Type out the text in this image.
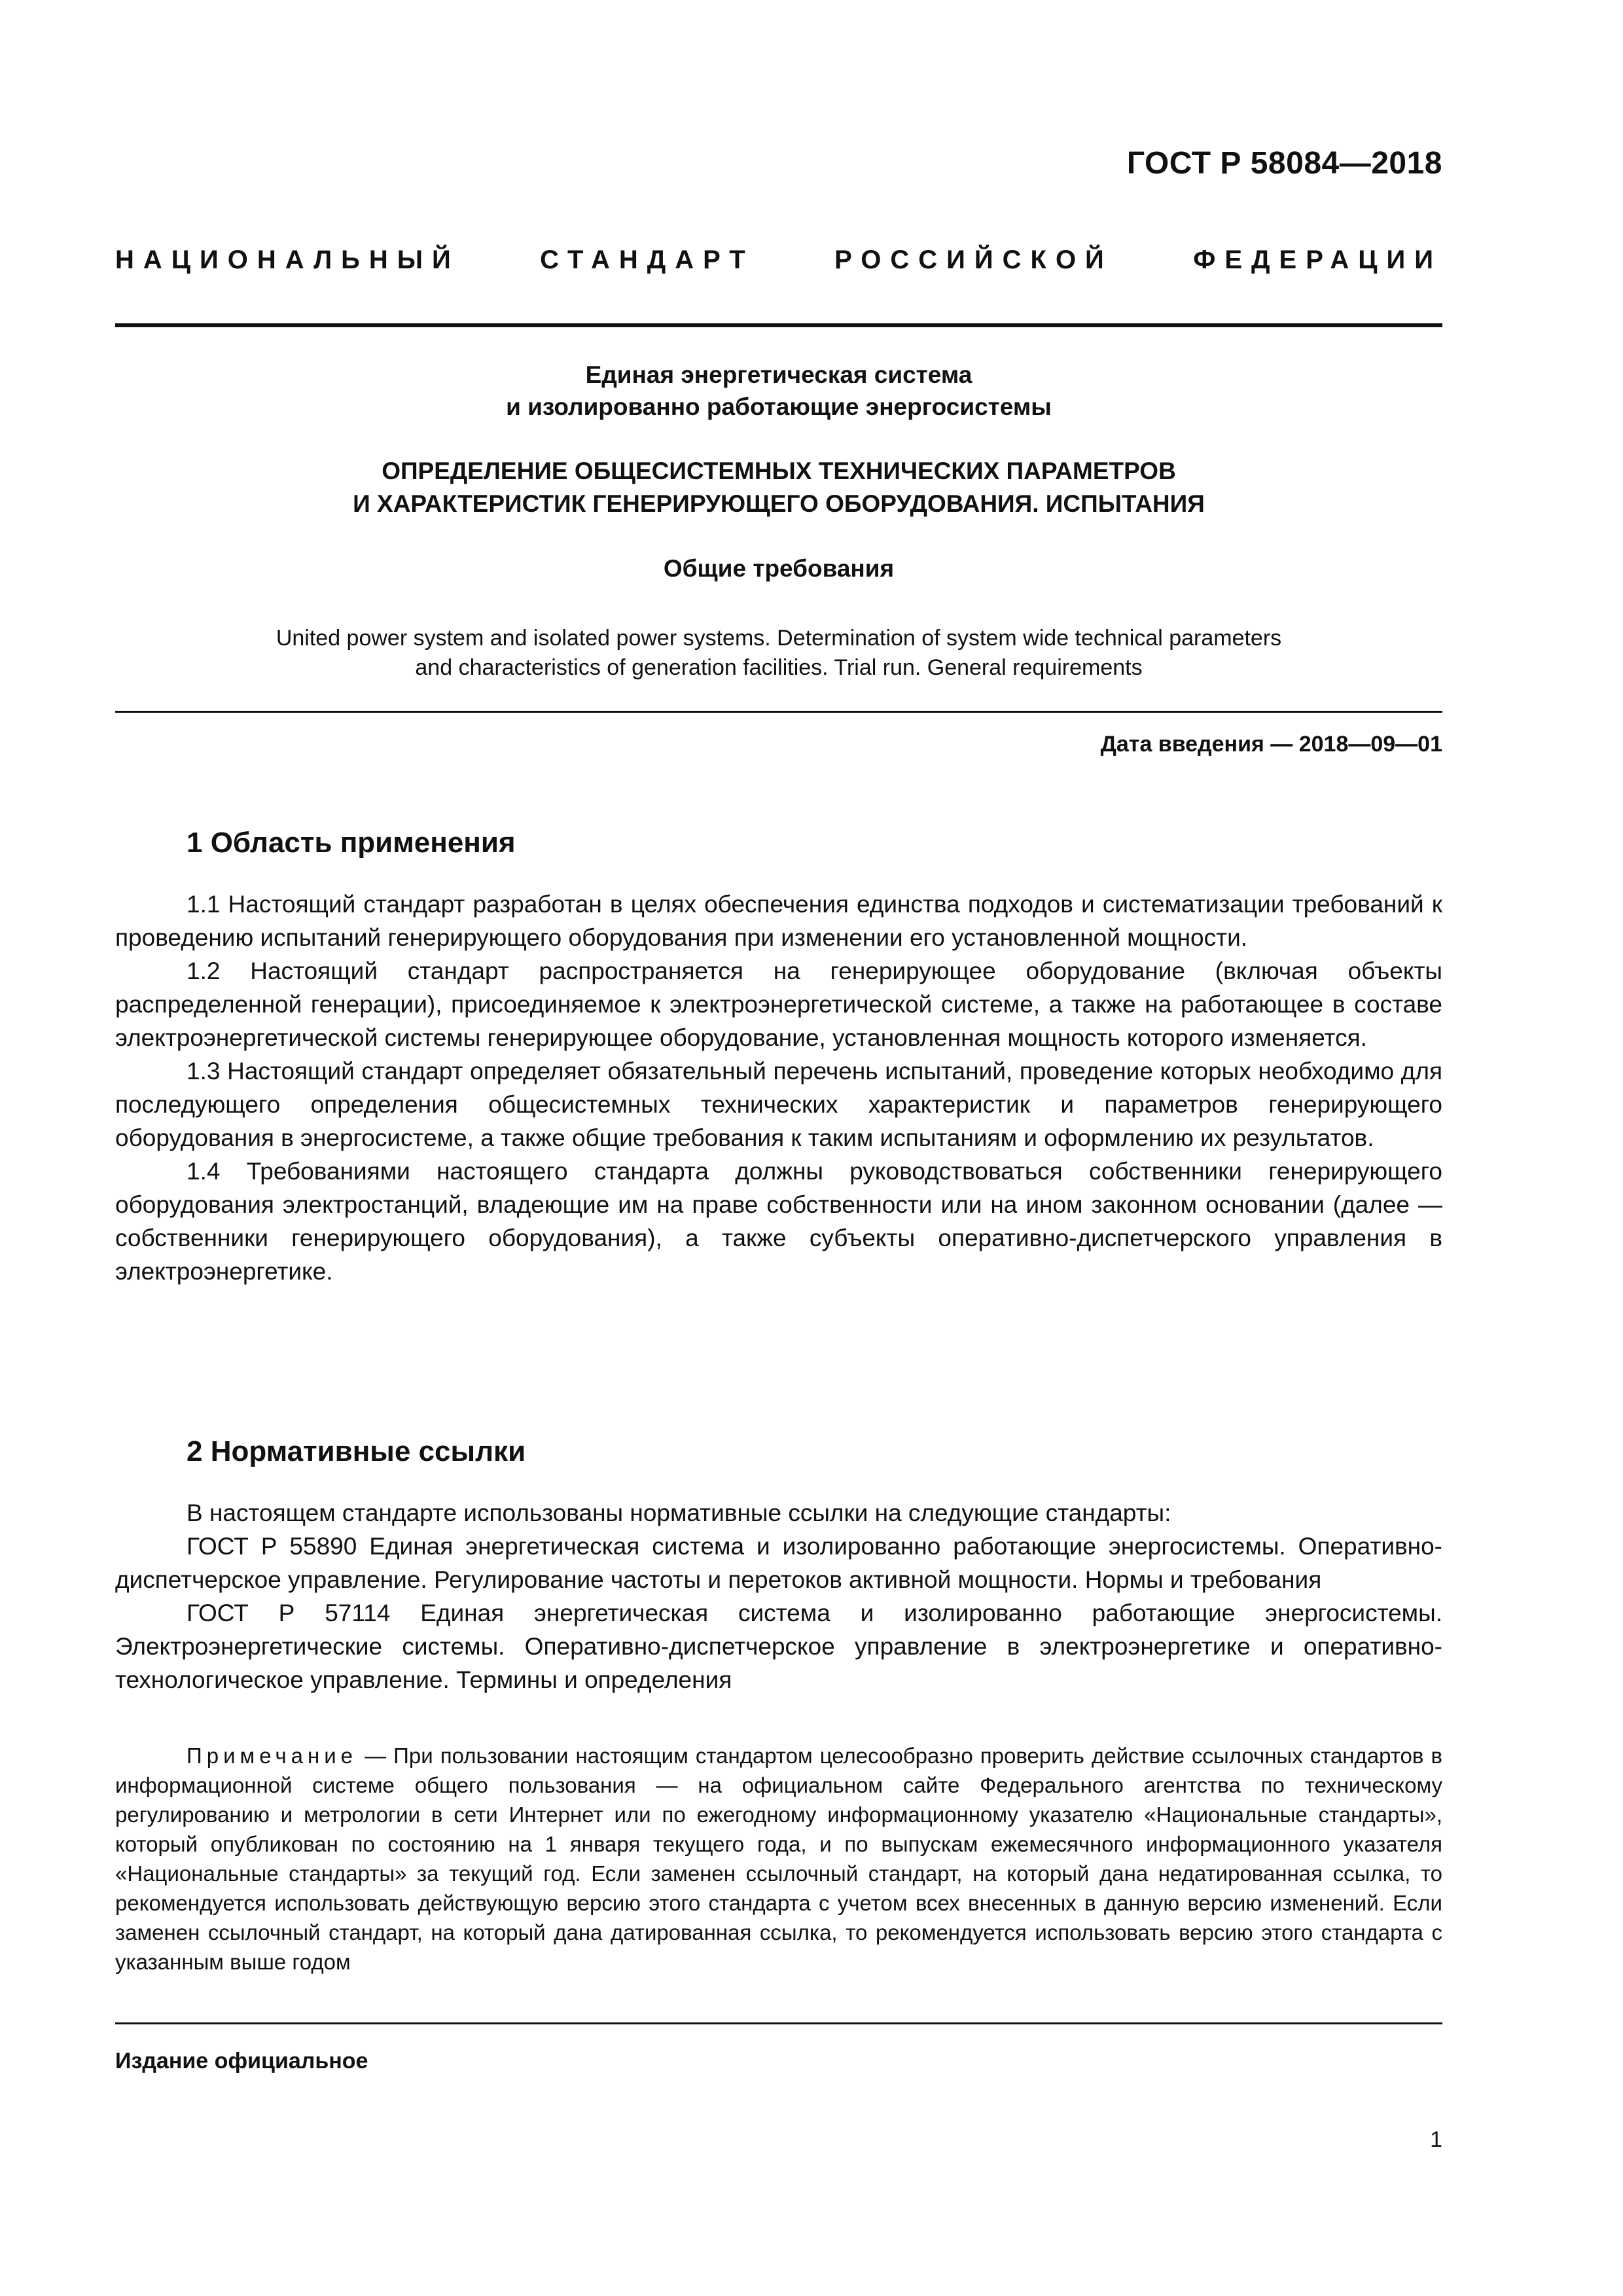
ГОСТ Р 58084—2018
НАЦИОНАЛЬНЫЙ СТАНДАРТ РОССИЙСКОЙ ФЕДЕРАЦИИ
Единая энергетическая система
и изолированно работающие энергосистемы
ОПРЕДЕЛЕНИЕ ОБЩЕСИСТЕМНЫХ ТЕХНИЧЕСКИХ ПАРАМЕТРОВ
И ХАРАКТЕРИСТИК ГЕНЕРИРУЮЩЕГО ОБОРУДОВАНИЯ. ИСПЫТАНИЯ
Общие требования
United power system and isolated power systems. Determination of system wide technical parameters
and characteristics of generation facilities. Trial run. General requirements
Дата введения — 2018—09—01
1 Область применения

1.1 Настоящий стандарт разработан в целях обеспечения единства подходов и систематизации требований к проведению испытаний генерирующего оборудования при изменении его установленной мощности.

1.2 Настоящий стандарт распространяется на генерирующее оборудование (включая объекты распределенной генерации), присоединяемое к электроэнергетической системе, а также на работающее в составе электроэнергетической системы генерирующее оборудование, установленная мощность которого изменяется.

1.3 Настоящий стандарт определяет обязательный перечень испытаний, проведение которых необходимо для последующего определения общесистемных технических характеристик и параметров генерирующего оборудования в энергосистеме, а также общие требования к таким испытаниям и оформлению их результатов.

1.4 Требованиями настоящего стандарта должны руководствоваться собственники генерирующего оборудования электростанций, владеющие им на праве собственности или на ином законном основании (далее — собственники генерирующего оборудования), а также субъекты оперативно-диспетчерского управления в электроэнергетике.

2 Нормативные ссылки

В настоящем стандарте использованы нормативные ссылки на следующие стандарты:

ГОСТ Р 55890 Единая энергетическая система и изолированно работающие энергосистемы. Оперативно-диспетчерское управление. Регулирование частоты и перетоков активной мощности. Нормы и требования

ГОСТ Р 57114 Единая энергетическая система и изолированно работающие энергосистемы. Электроэнергетические системы. Оперативно-диспетчерское управление в электроэнергетике и оперативно-технологическое управление. Термины и определения

Примечание — При пользовании настоящим стандартом целесообразно проверить действие ссылочных стандартов в информационной системе общего пользования — на официальном сайте Федерального агентства по техническому регулированию и метрологии в сети Интернет или по ежегодному информационному указателю «Национальные стандарты», который опубликован по состоянию на 1 января текущего года, и по выпускам ежемесячного информационного указателя «Национальные стандарты» за текущий год. Если заменен ссылочный стандарт, на который дана недатированная ссылка, то рекомендуется использовать действующую версию этого стандарта с учетом всех внесенных в данную версию изменений. Если заменен ссылочный стандарт, на который дана датированная ссылка, то рекомендуется использовать версию этого стандарта с указанным выше годом
Издание официальное
1
